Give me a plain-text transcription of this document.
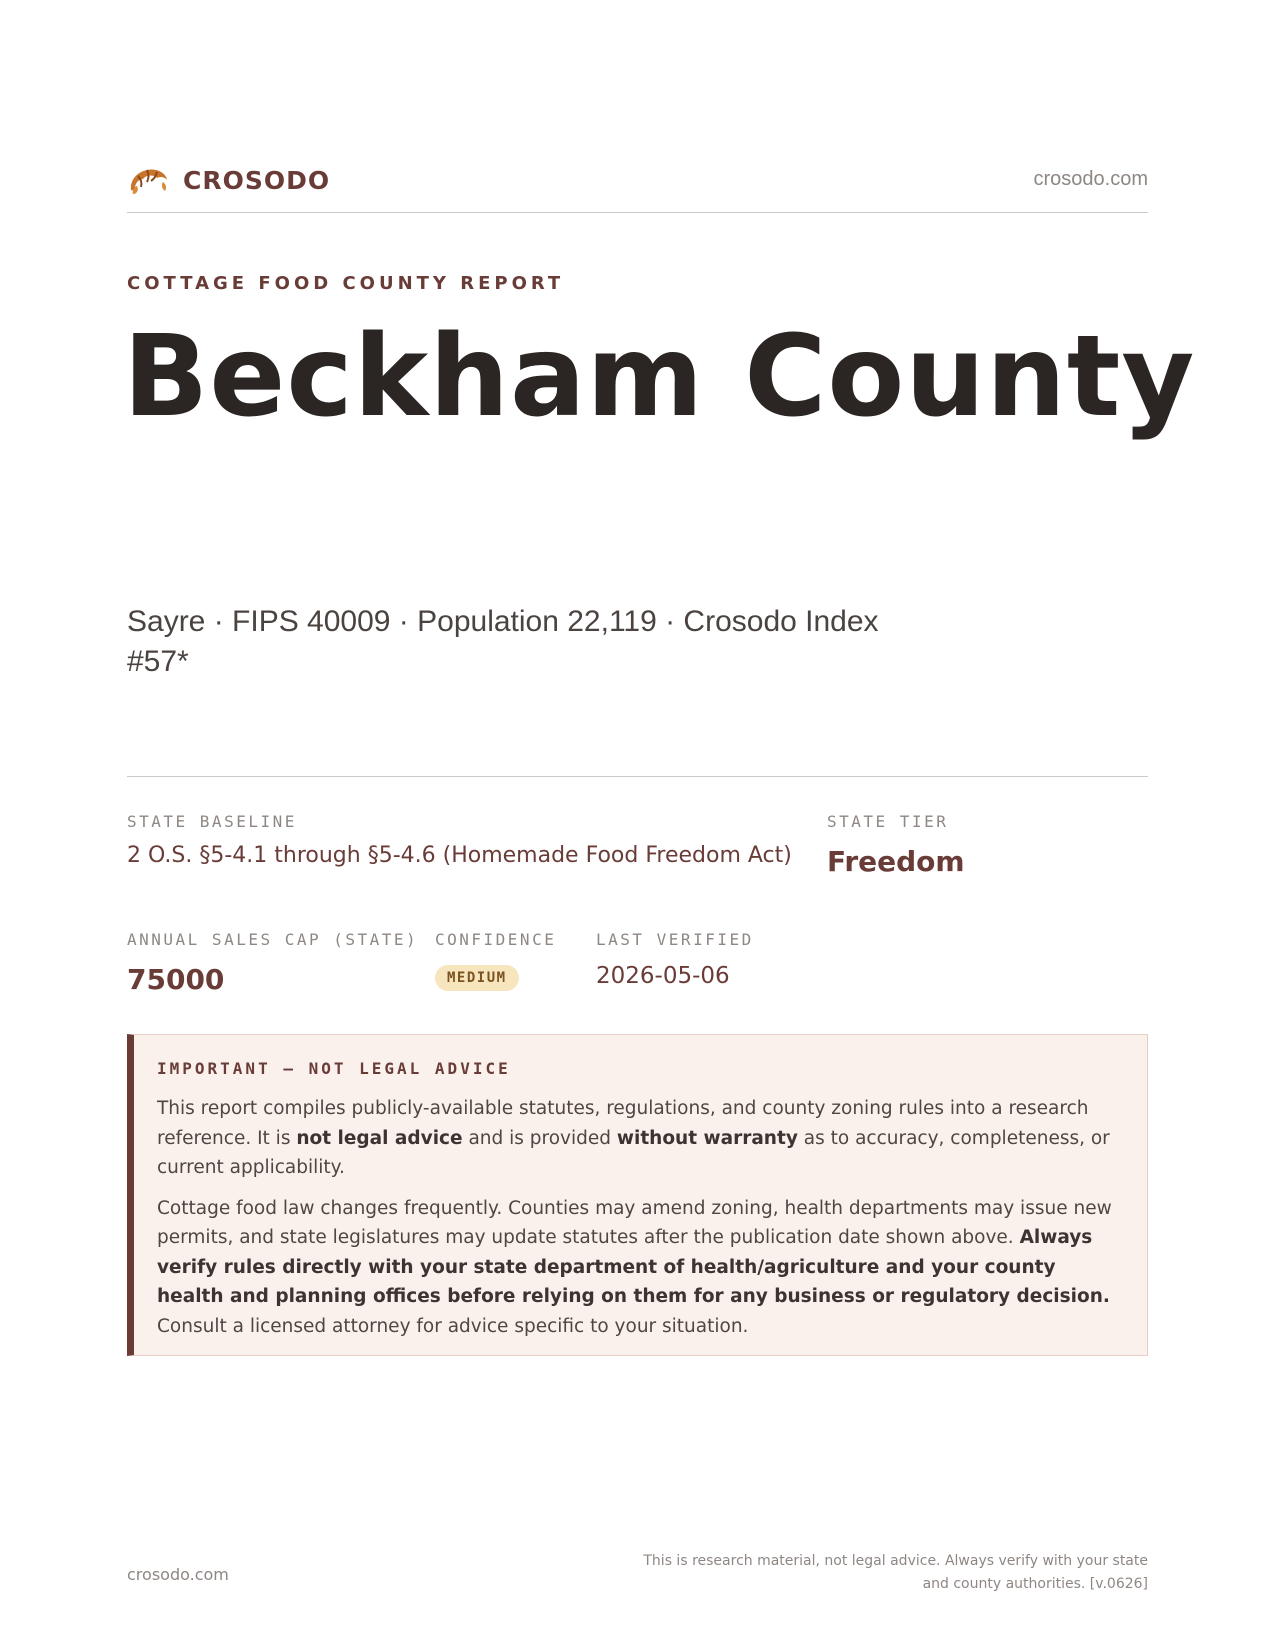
CROSODO	crosodo.com
COTTAGE FOOD COUNTY REPORT
Beckham County
Sayre · FIPS 40009 · Population 22,119 · Crosodo Index #57*
STATE BASELINE
2 O.S. §5-4.1 through §5-4.6 (Homemade Food Freedom Act)
STATE TIER
Freedom
ANNUAL SALES CAP (STATE)
75000
CONFIDENCE
MEDIUM
LAST VERIFIED
2026-05-06
IMPORTANT — NOT LEGAL ADVICE

This report compiles publicly-available statutes, regulations, and county zoning rules into a research reference. It is not legal advice and is provided without warranty as to accuracy, completeness, or current applicability.

Cottage food law changes frequently. Counties may amend zoning, health departments may issue new permits, and state legislatures may update statutes after the publication date shown above. Always verify rules directly with your state department of health/agriculture and your county health and planning offices before relying on them for any business or regulatory decision. Consult a licensed attorney for advice specific to your situation.

crosodo.com
This is research material, not legal advice. Always verify with your state
and county authorities. [v.0626]
